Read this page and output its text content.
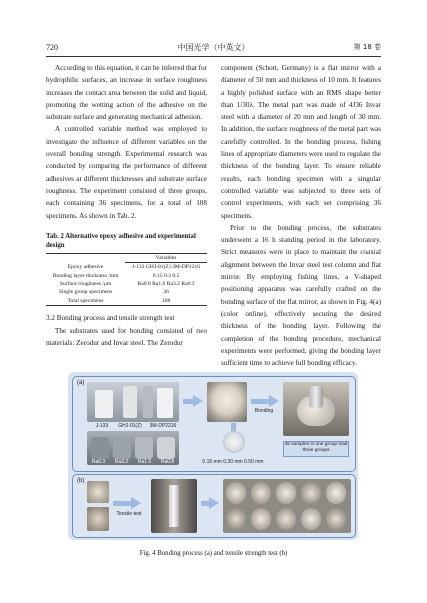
720	中国光学（中英文）	第 18 卷

According to this equation, it can be inferred that for hydrophilic surfaces, an increase in surface roughness increases the contact area between the solid and liquid, promoting the wetting action of the adhesive on the substrate surface and generating mechanical adhesion.

A controlled variable method was employed to investigate the influence of different variables on the overall bonding strength. Experimental research was conducted by comparing the performance of different adhesives at different thicknesses and substrate surface roughness. The experiment consisted of three groups, each containing 36 specimens, for a total of 108 specimens. As shown in Tab. 2.

Tab. 2 Alternative epoxy adhesive and experimental design
	Variables
Epoxy adhesive	J-133 GHJ-01(Z) 3M-DP2216
Bonding layer thickness /mm	0.15 0.3 0.5
Surface roughness /μm	Ra0.8 Ra1.6 Ra3.2 Ra6.3
Single group specimens	36
Total specimens	108

3.2 Bonding process and tensile strength test

The substrates used for bonding consisted of two materials: Zerodur and Invar steel. The Zerodur

component (Schott, Germany) is a flat mirror with a diameter of 50 mm and thickness of 10 mm. It features a highly polished surface with an RMS shape better than 1/30λ. The metal part was made of 4J36 Invar steel with a diameter of 20 mm and length of 30 mm. In addition, the surface roughness of the metal part was carefully controlled. In the bonding process, fishing lines of appropriate diameters were used to regulate the thickness of the bonding layer. To ensure reliable results, each bonding specimen with a singular controlled variable was subjected to three sets of control experiments, with each set comprising 36 specimens.

Prior to the bonding process, the substrates underwent a 16 h standing period in the laboratory. Strict measures were in place to maintain the coaxial alignment between the Invar steel test column and flat mirror. By employing fishing lines, a V-shaped positioning apparatus was carefully crafted on the bonding surface of the flat mirror, as shown in Fig. 4(a) (color online), effectively securing the desired thickness of the bonding layer. Following the completion of the bonding procedure, mechanical experiments were performed, giving the bonding layer sufficient time to achieve full bonding efficacy.

(a)
J-133	GHJ-01(Z)	3M-DP2216
Ra6.3	Ra3.2	Ra1.6	Ra0.8	0.15 mm 0.30 mm 0.50 mm
Bonding
36 samples in one group total three groups
(b)
Tensile test
Fig. 4 Bonding process (a) and tensile strength test (b)
